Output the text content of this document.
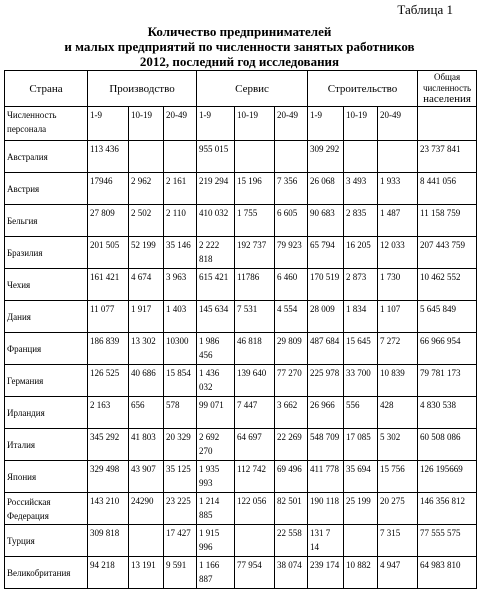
Таблица 1
Количество предпринимателей
и малых предприятий по численности занятых работников
2012, последний год исследования
Страна	Производство			Сервис			Строительство			Общая
численность
населения

Численность персонала	1-9	10-19	20-49	1-9	10-19	20-49	1-9	10-19	20-49	
Австралия	113 436			955 015			309 292			23 737 841
Австрия	17946	2 962	2 161	219 294	15 196	7 356	26 068	3 493	1 933	8 441 056
Бельгия	27 809	2 502	2 110	410 032	1 755	6 605	90 683	2 835	1 487	11 158 759
Бразилия	201 505	52 199	35 146	2 222 818	192 737	79 923	65 794	16 205	12 033	207 443 759
Чехия	161 421	4 674	3 963	615 421	11786	6 460	170 519	2 873	1 730	10 462 552
Дания	11 077	1 917	1 403	145 634	7 531	4 554	28 009	1 834	1 107	5 645 849
Франция	186 839	13 302	10300	1 986 456	46 818	29 809	487 684	15 645	7 272	66 966 954
Германия	126 525	40 686	15 854	1 436 032	139 640	77 270	225 978	33 700	10 839	79 781 173
Ирландия	2 163	656	578	99 071	7 447	3 662	26 966	556	428	4 830 538
Италия	345 292	41 803	20 329	2 692 270	64 697	22 269	548 709	17 085	5 302	60 508 086
Япония	329 498	43 907	35 125	1 935 993	112 742	69 496	411 778	35 694	15 756	126 195669
Российская Федерация	143 210	24290	23 225	1 214 885	122 056	82 501	190 118	25 199	20 275	146 356 812
Турция	309 818		17 427	1 915 996		22 558	131 7 14		7 315	77 555 575
Великобритания	94 218	13 191	9 591	1 166 887	77 954	38 074	239 174	10 882	4 947	64 983 810
